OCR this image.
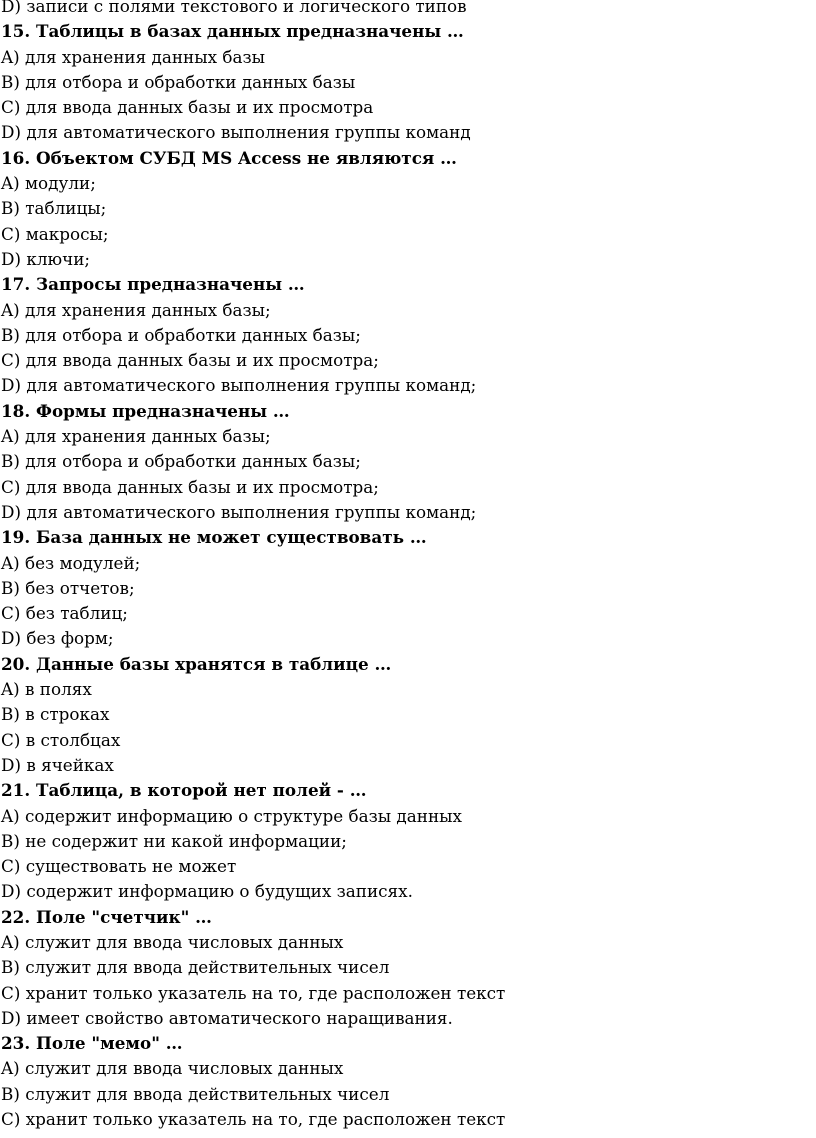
D) записи с полями текстового и логического типов
15. Таблицы в базах данных предназначены …
A) для хранения данных базы
B) для отбора и обработки данных базы
C) для ввода данных базы и их просмотра
D) для автоматического выполнения группы команд
16. Объектом СУБД MS Access не являются …
A) модули;
B) таблицы;
C) макросы;
D) ключи;
17. Запросы предназначены …
A) для хранения данных базы;
B) для отбора и обработки данных базы;
C) для ввода данных базы и их просмотра;
D) для автоматического выполнения группы команд;
18. Формы предназначены …
A) для хранения данных базы;
B) для отбора и обработки данных базы;
C) для ввода данных базы и их просмотра;
D) для автоматического выполнения группы команд;
19. База данных не может существовать …
A) без модулей;
B) без отчетов;
C) без таблиц;
D) без форм;
20. Данные базы хранятся в таблице …
A) в полях
B) в строках
C) в столбцах
D) в ячейках
21. Таблица, в которой нет полей - …
A) содержит информацию о структуре базы данных
B) не содержит ни какой информации;
C) существовать не может
D) содержит информацию о будущих записях.
22. Поле "счетчик" …
A) служит для ввода числовых данных
B) служит для ввода действительных чисел
C) хранит только указатель на то, где расположен текст
D) имеет свойство автоматического наращивания.
23. Поле "мемо" …
A) служит для ввода числовых данных
B) служит для ввода действительных чисел
C) хранит только указатель на то, где расположен текст
